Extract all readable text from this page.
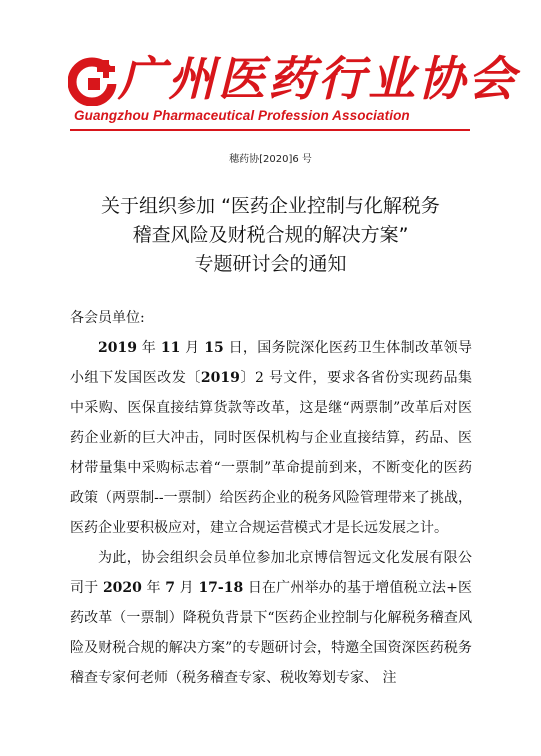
广州医药行业协会
Guangzhou Pharmaceutical Profession Association
穗药协[2020]6 号
关于组织参加 “医药企业控制与化解税务
稽查风险及财税合规的解决方案”
专题研讨会的通知
各会员单位:

2019 年 11 月 15 日，国务院深化医药卫生体制改革领导小组下发国医改发〔2019〕2 号文件，要求各省份实现药品集中采购、医保直接结算货款等改革，这是继“两票制”改革后对医药企业新的巨大冲击，同时医保机构与企业直接结算，药品、医材带量集中采购标志着“一票制”革命提前到来，不断变化的医药政策（两票制--一票制）给医药企业的税务风险管理带来了挑战，医药企业要积极应对，建立合规运营模式才是长远发展之计。

为此，协会组织会员单位参加北京博信智远文化发展有限公司于 2020 年 7 月 17-18 日在广州举办的基于增值税立法+医药改革（一票制）降税负背景下“医药企业控制与化解税务稽查风险及财税合规的解决方案”的专题研讨会，特邀全国资深医药税务稽查专家何老师（税务稽查专家、税收筹划专家、 注
